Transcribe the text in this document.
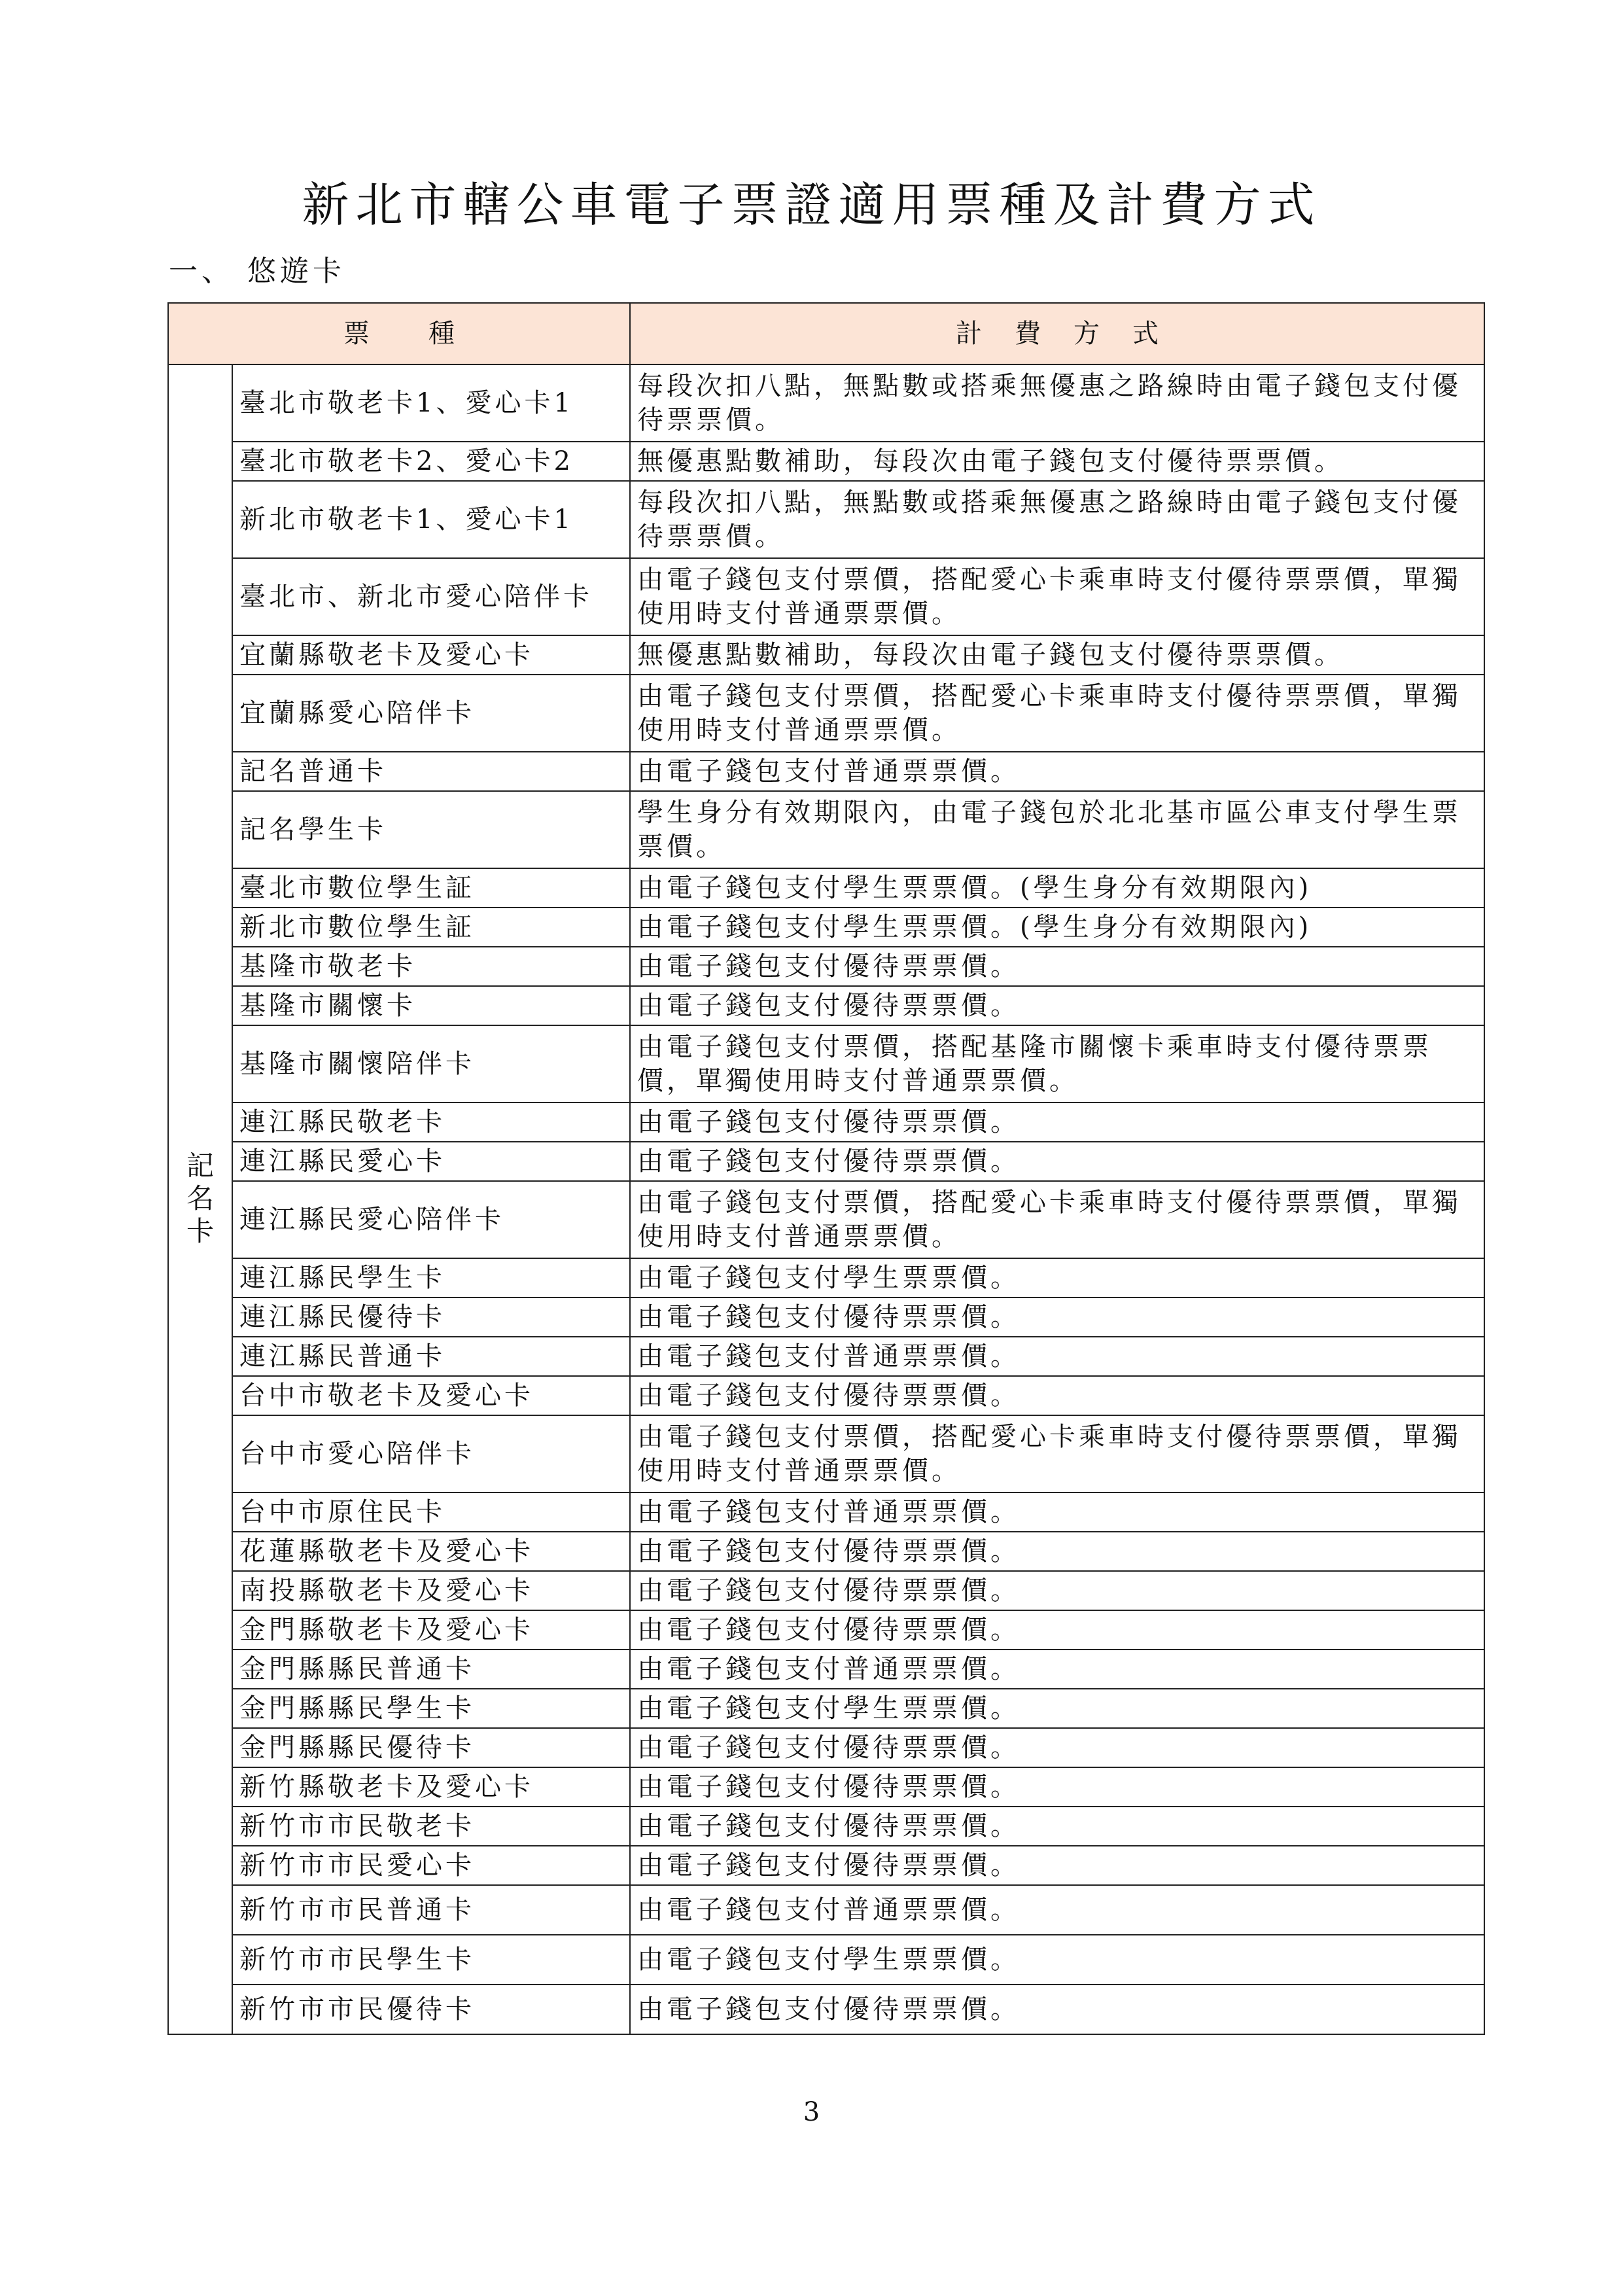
新北市轄公車電子票證適用票種及計費方式
一、 悠遊卡
票種		計費方式
記名卡	臺北市敬老卡1、愛心卡1	每段次扣八點，無點數或搭乘無優惠之路線時由電子錢包支付優待票票價。
	臺北市敬老卡2、愛心卡2	無優惠點數補助，每段次由電子錢包支付優待票票價。
	新北市敬老卡1、愛心卡1	每段次扣八點，無點數或搭乘無優惠之路線時由電子錢包支付優待票票價。
	臺北市、新北市愛心陪伴卡	由電子錢包支付票價，搭配愛心卡乘車時支付優待票票價，單獨使用時支付普通票票價。
	宜蘭縣敬老卡及愛心卡	無優惠點數補助，每段次由電子錢包支付優待票票價。
	宜蘭縣愛心陪伴卡	由電子錢包支付票價，搭配愛心卡乘車時支付優待票票價，單獨使用時支付普通票票價。
	記名普通卡	由電子錢包支付普通票票價。
	記名學生卡	學生身分有效期限內，由電子錢包於北北基市區公車支付學生票票價。
	臺北市數位學生証	由電子錢包支付學生票票價。(學生身分有效期限內)
	新北市數位學生証	由電子錢包支付學生票票價。(學生身分有效期限內)
	基隆市敬老卡	由電子錢包支付優待票票價。
	基隆市關懷卡	由電子錢包支付優待票票價。
	基隆市關懷陪伴卡	由電子錢包支付票價，搭配基隆市關懷卡乘車時支付優待票票價，單獨使用時支付普通票票價。
	連江縣民敬老卡	由電子錢包支付優待票票價。
	連江縣民愛心卡	由電子錢包支付優待票票價。
	連江縣民愛心陪伴卡	由電子錢包支付票價，搭配愛心卡乘車時支付優待票票價，單獨使用時支付普通票票價。
	連江縣民學生卡	由電子錢包支付學生票票價。
	連江縣民優待卡	由電子錢包支付優待票票價。
	連江縣民普通卡	由電子錢包支付普通票票價。
	台中市敬老卡及愛心卡	由電子錢包支付優待票票價。
	台中市愛心陪伴卡	由電子錢包支付票價，搭配愛心卡乘車時支付優待票票價，單獨使用時支付普通票票價。
	台中市原住民卡	由電子錢包支付普通票票價。
	花蓮縣敬老卡及愛心卡	由電子錢包支付優待票票價。
	南投縣敬老卡及愛心卡	由電子錢包支付優待票票價。
	金門縣敬老卡及愛心卡	由電子錢包支付優待票票價。
	金門縣縣民普通卡	由電子錢包支付普通票票價。
	金門縣縣民學生卡	由電子錢包支付學生票票價。
	金門縣縣民優待卡	由電子錢包支付優待票票價。
	新竹縣敬老卡及愛心卡	由電子錢包支付優待票票價。
	新竹市市民敬老卡	由電子錢包支付優待票票價。
	新竹市市民愛心卡	由電子錢包支付優待票票價。
	新竹市市民普通卡	由電子錢包支付普通票票價。
	新竹市市民學生卡	由電子錢包支付學生票票價。
	新竹市市民優待卡	由電子錢包支付優待票票價。
3
